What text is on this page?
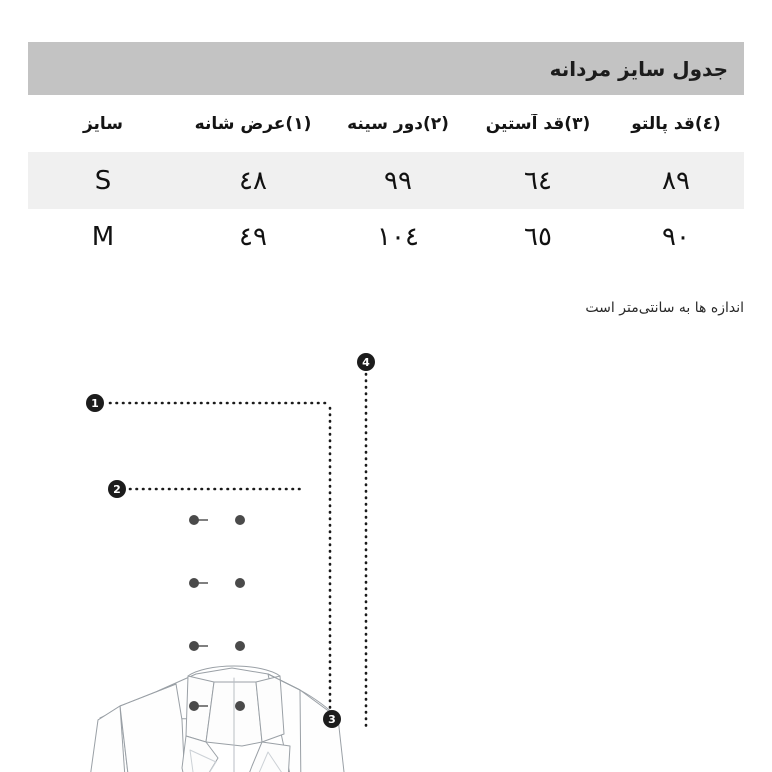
جدول سایز مردانه
(٤)قد پالتو
(۳)قد آستین
(۲)دور سینه
(۱)عرض شانه
سایز
٨٩
٦٤
٩٩
٤٨
S
٩٠
٦٥
١٠٤
٤٩
M
اندازه ها به سانتی‌متر است
1
2
3
4
